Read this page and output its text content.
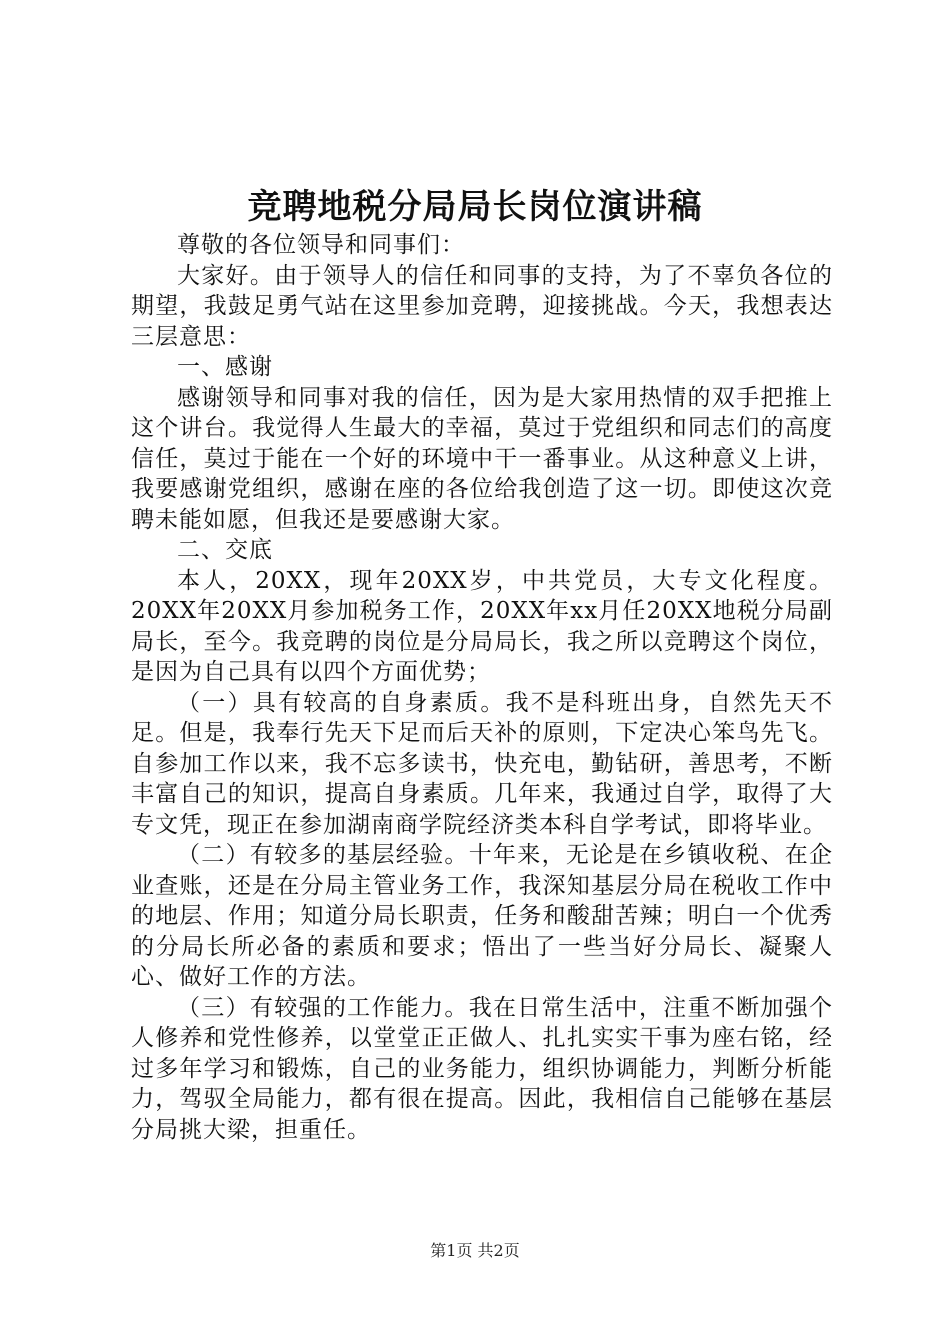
竞聘地税分局局长岗位演讲稿

尊敬的各位领导和同事们：

大家好。由于领导人的信任和同事的支持，为了不辜负各位的期望，我鼓足勇气站在这里参加竞聘，迎接挑战。今天，我想表达三层意思：

一、感谢

感谢领导和同事对我的信任，因为是大家用热情的双手把推上这个讲台。我觉得人生最大的幸福，莫过于党组织和同志们的高度信任，莫过于能在一个好的环境中干一番事业。从这种意义上讲，我要感谢党组织，感谢在座的各位给我创造了这一切。即使这次竞聘未能如愿，但我还是要感谢大家。

二、交底

本人，20XX，现年20XX岁，中共党员，大专文化程度。20XX年20XX月参加税务工作，20XX年xx月任20XX地税分局副局长，至今。我竞聘的岗位是分局局长，我之所以竞聘这个岗位，是因为自己具有以四个方面优势；

（一）具有较高的自身素质。我不是科班出身，自然先天不足。但是，我奉行先天下足而后天补的原则，下定决心笨鸟先飞。自参加工作以来，我不忘多读书，快充电，勤钻研，善思考，不断丰富自己的知识，提高自身素质。几年来，我通过自学，取得了大专文凭，现正在参加湖南商学院经济类本科自学考试，即将毕业。

（二）有较多的基层经验。十年来，无论是在乡镇收税、在企业查账，还是在分局主管业务工作，我深知基层分局在税收工作中的地层、作用；知道分局长职责，任务和酸甜苦辣；明白一个优秀的分局长所必备的素质和要求；悟出了一些当好分局长、凝聚人心、做好工作的方法。

（三）有较强的工作能力。我在日常生活中，注重不断加强个人修养和党性修养，以堂堂正正做人、扎扎实实干事为座右铭，经过多年学习和锻炼，自己的业务能力，组织协调能力，判断分析能力，驾驭全局能力，都有很在提高。因此，我相信自己能够在基层分局挑大梁，担重任。

第1页 共2页
